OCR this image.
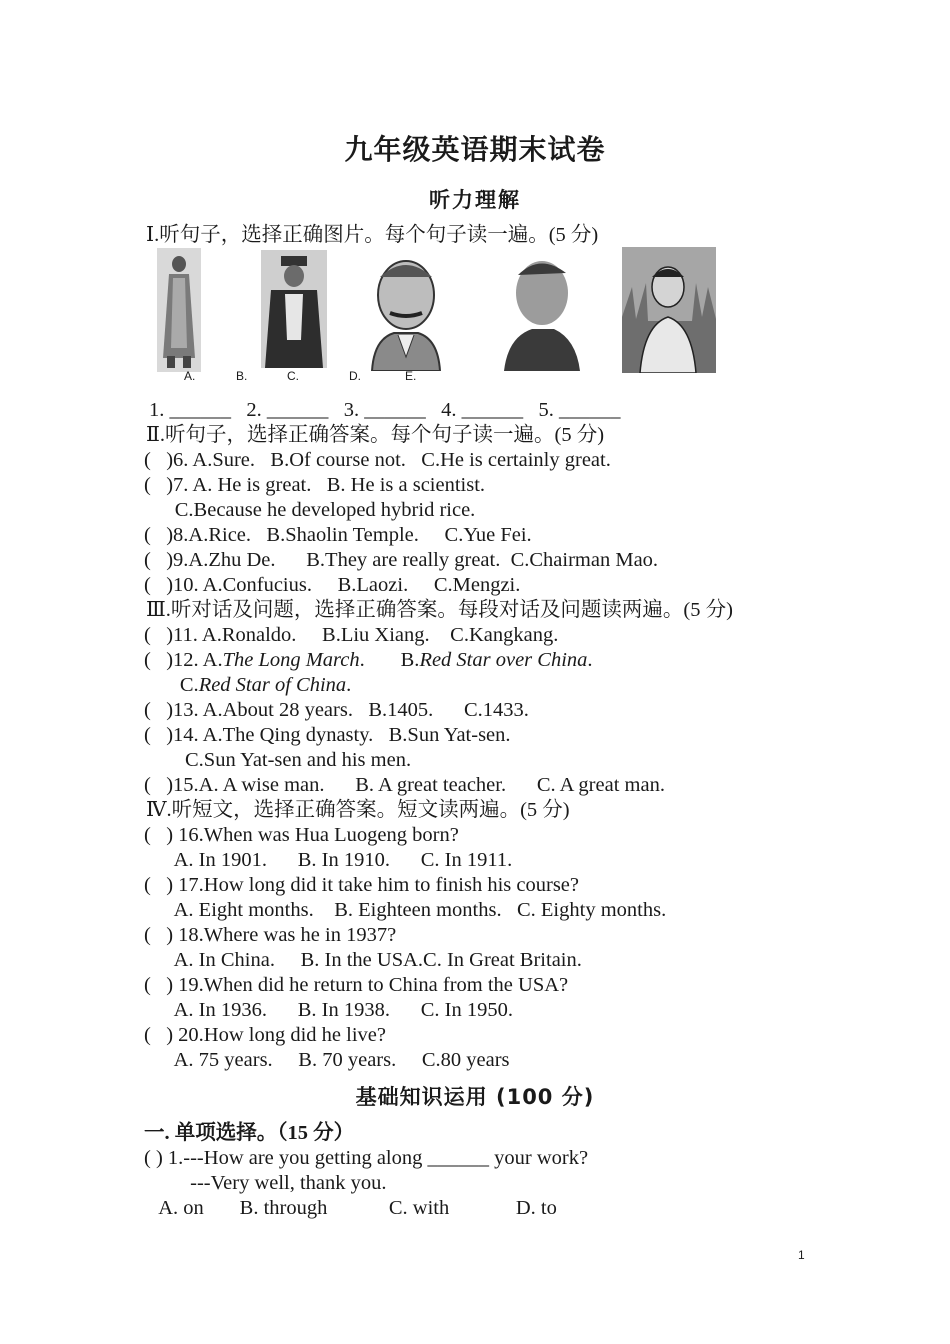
九年级英语期末试卷
听力理解
Ⅰ.听句子，选择正确图片。每个句子读一遍。(5 分)
A.	B.	C.	D.	E.
1. ______   2. ______   3. ______   4. ______   5. ______
Ⅱ.听句子，选择正确答案。每个句子读一遍。(5 分)
(   )6. A.Sure.   B.Of course not.   C.He is certainly great.
(   )7. A. He is great.   B. He is a scientist.
C.Because he developed hybrid rice.
(   )8.A.Rice.   B.Shaolin Temple.     C.Yue Fei.
(   )9.A.Zhu De.      B.They are really great.  C.Chairman Mao.
(   )10. A.Confucius.     B.Laozi.     C.Mengzi.
Ⅲ.听对话及问题，选择正确答案。每段对话及问题读两遍。(5 分)
(   )11. A.Ronaldo.     B.Liu Xiang.    C.Kangkang.
(   )12. A.The Long March.       B.Red Star over China.
C.Red Star of China.
(   )13. A.About 28 years.   B.1405.      C.1433.
(   )14. A.The Qing dynasty.   B.Sun Yat-sen.
C.Sun Yat-sen and his men.
(   )15.A. A wise man.      B. A great teacher.      C. A great man.
Ⅳ.听短文，选择正确答案。短文读两遍。(5 分)
(   ) 16.When was Hua Luogeng born?
A. In 1901.      B. In 1910.      C. In 1911.
(   ) 17.How long did it take him to finish his course?
A. Eight months.    B. Eighteen months.   C. Eighty months.
(   ) 18.Where was he in 1937?
A. In China.     B. In the USA.C. In Great Britain.
(   ) 19.When did he return to China from the USA?
A. In 1936.      B. In 1938.      C. In 1950.
(   ) 20.How long did he live?
A. 75 years.     B. 70 years.     C.80 years
基础知识运用 (100 分)
一. 单项选择。（15 分）
( ) 1.---How are you getting along ______ your work?
---Very well, thank you.
A. on       B. through            C. with             D. to
1
